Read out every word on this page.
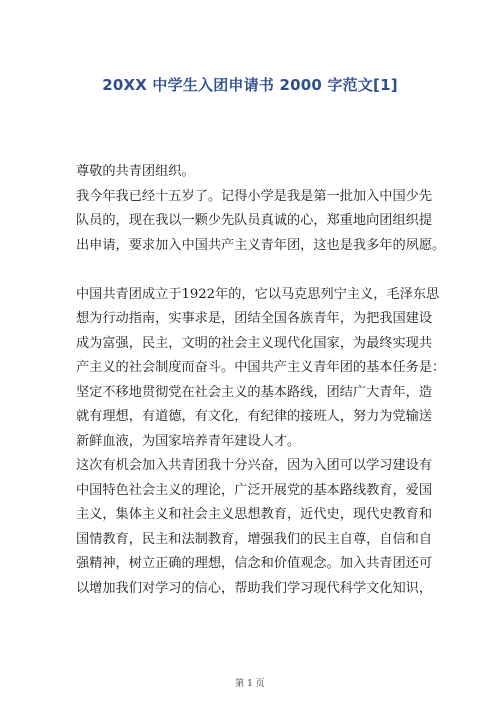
20XX 中学生入团申请书 2000 字范文[1]
尊敬的共青团组织。
我今年我已经十五岁了。记得小学是我是第一批加入中国少先
队员的，现在我以一颗少先队员真诚的心，郑重地向团组织提
出申请，要求加入中国共产主义青年团，这也是我多年的夙愿。
中国共青团成立于1922年的，它以马克思列宁主义，毛泽东思
想为行动指南，实事求是，团结全国各族青年，为把我国建设
成为富强，民主，文明的社会主义现代化国家，为最终实现共
产主义的社会制度而奋斗。中国共产主义青年团的基本任务是：
坚定不移地贯彻党在社会主义的基本路线，团结广大青年，造
就有理想，有道德，有文化，有纪律的接班人，努力为党输送
新鲜血液，为国家培养青年建设人才。
这次有机会加入共青团我十分兴奋，因为入团可以学习建设有
中国特色社会主义的理论，广泛开展党的基本路线教育，爱国
主义，集体主义和社会主义思想教育，近代史，现代史教育和
国情教育，民主和法制教育，增强我们的民主自尊，自信和自
强精神，树立正确的理想，信念和价值观念。加入共青团还可
以增加我们对学习的信心，帮助我们学习现代科学文化知识，
第 1 页
